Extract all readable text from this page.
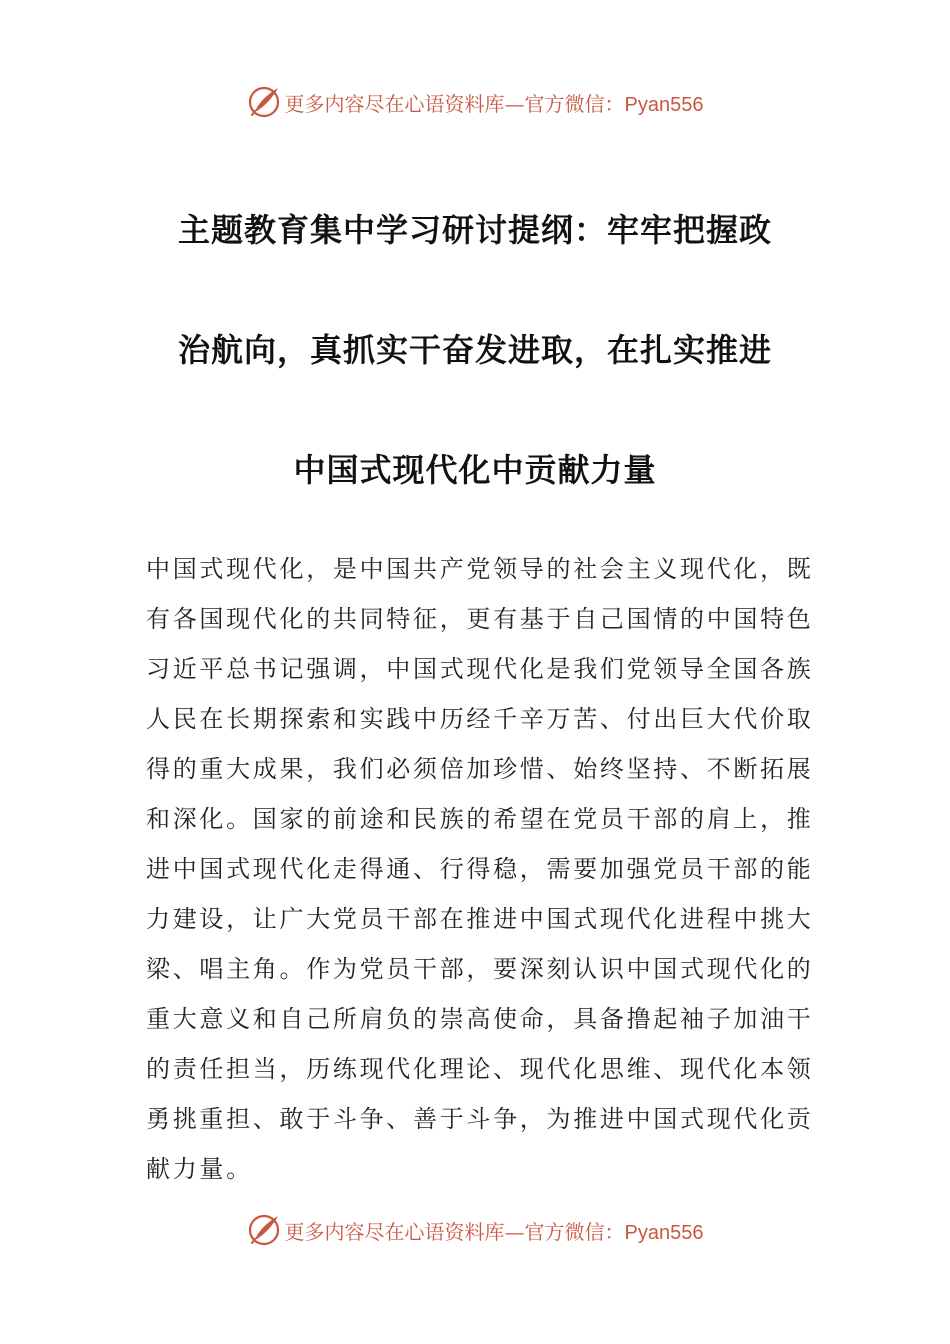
更多内容尽在心语资料库—官方微信：Pyan556
主题教育集中学习研讨提纲：牢牢把握政
治航向，真抓实干奋发进取，在扎实推进
中国式现代化中贡献力量
中国式现代化，是中国共产党领导的社会主义现代化，既
有各国现代化的共同特征，更有基于自己国情的中国特色
习近平总书记强调，中国式现代化是我们党领导全国各族
人民在长期探索和实践中历经千辛万苦、付出巨大代价取
得的重大成果，我们必须倍加珍惜、始终坚持、不断拓展
和深化。国家的前途和民族的希望在党员干部的肩上，推
进中国式现代化走得通、行得稳，需要加强党员干部的能
力建设，让广大党员干部在推进中国式现代化进程中挑大
梁、唱主角。作为党员干部，要深刻认识中国式现代化的
重大意义和自己所肩负的崇高使命，具备撸起袖子加油干
的责任担当，历练现代化理论、现代化思维、现代化本领
勇挑重担、敢于斗争、善于斗争，为推进中国式现代化贡
献力量。
更多内容尽在心语资料库—官方微信：Pyan556
